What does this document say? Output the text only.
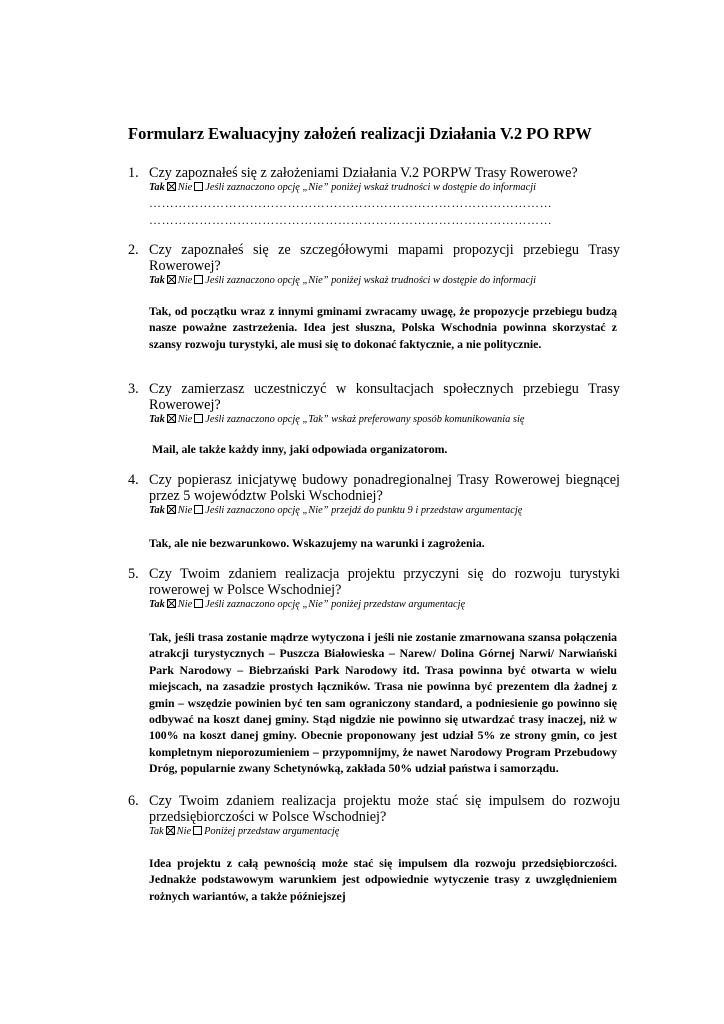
Formularz Ewaluacyjny założeń realizacji Działania V.2 PO RPW
1. Czy zapoznałeś się z założeniami Działania V.2 PORPW Trasy Rowerowe?
Tak Nie Jeśli zaznaczono opcję „Nie” poniżej wskaż trudności w dostępie do informacji
……………………………………………………………………………………
……………………………………………………………………………………
2. Czy zapoznałeś się ze szczegółowymi mapami propozycji przebiegu Trasy Rowerowej?
Tak Nie Jeśli zaznaczono opcję „Nie” poniżej wskaż trudności w dostępie do informacji
Tak, od początku wraz z innymi gminami zwracamy uwagę, że propozycje przebiegu budzą nasze poważne zastrzeżenia. Idea jest słuszna, Polska Wschodnia powinna skorzystać z szansy rozwoju turystyki, ale musi się to dokonać faktycznie, a nie politycznie.
3. Czy zamierzasz uczestniczyć w konsultacjach społecznych przebiegu Trasy Rowerowej?
Tak Nie Jeśli zaznaczono opcję „Tak” wskaż preferowany sposób komunikowania się
Mail, ale także każdy inny, jaki odpowiada organizatorom.
4. Czy popierasz inicjatywę budowy ponadregionalnej Trasy Rowerowej biegnącej przez 5 województw Polski Wschodniej?
Tak Nie Jeśli zaznaczono opcję „Nie” przejdź do punktu 9 i przedstaw argumentację
Tak, ale nie bezwarunkowo. Wskazujemy na warunki i zagrożenia.
5. Czy Twoim zdaniem realizacja projektu przyczyni się do rozwoju turystyki rowerowej w Polsce Wschodniej?
Tak Nie Jeśli zaznaczono opcję „Nie” poniżej przedstaw argumentację
Tak, jeśli trasa zostanie mądrze wytyczona i jeśli nie zostanie zmarnowana szansa połączenia atrakcji turystycznych – Puszcza Białowieska – Narew/ Dolina Górnej Narwi/ Narwiański Park Narodowy – Biebrzański Park Narodowy itd. Trasa powinna być otwarta w wielu miejscach, na zasadzie prostych łączników. Trasa nie powinna być prezentem dla żadnej z gmin – wszędzie powinien być ten sam ograniczony standard, a podniesienie go powinno się odbywać na koszt danej gminy. Stąd nigdzie nie powinno się utwardzać trasy inaczej, niż w 100% na koszt danej gminy. Obecnie proponowany jest udział 5% ze strony gmin, co jest kompletnym nieporozumieniem – przypomnijmy, że nawet Narodowy Program Przebudowy Dróg, popularnie zwany Schetynówką, zakłada 50% udział państwa i samorządu.
6. Czy Twoim zdaniem realizacja projektu może stać się impulsem do rozwoju przedsiębiorczości w Polsce Wschodniej?
Tak Nie Poniżej przedstaw argumentację
Idea projektu z całą pewnością może stać się impulsem dla rozwoju przedsiębiorczości. Jednakże podstawowym warunkiem jest odpowiednie wytyczenie trasy z uwzględnieniem rożnych wariantów, a także późniejszej
